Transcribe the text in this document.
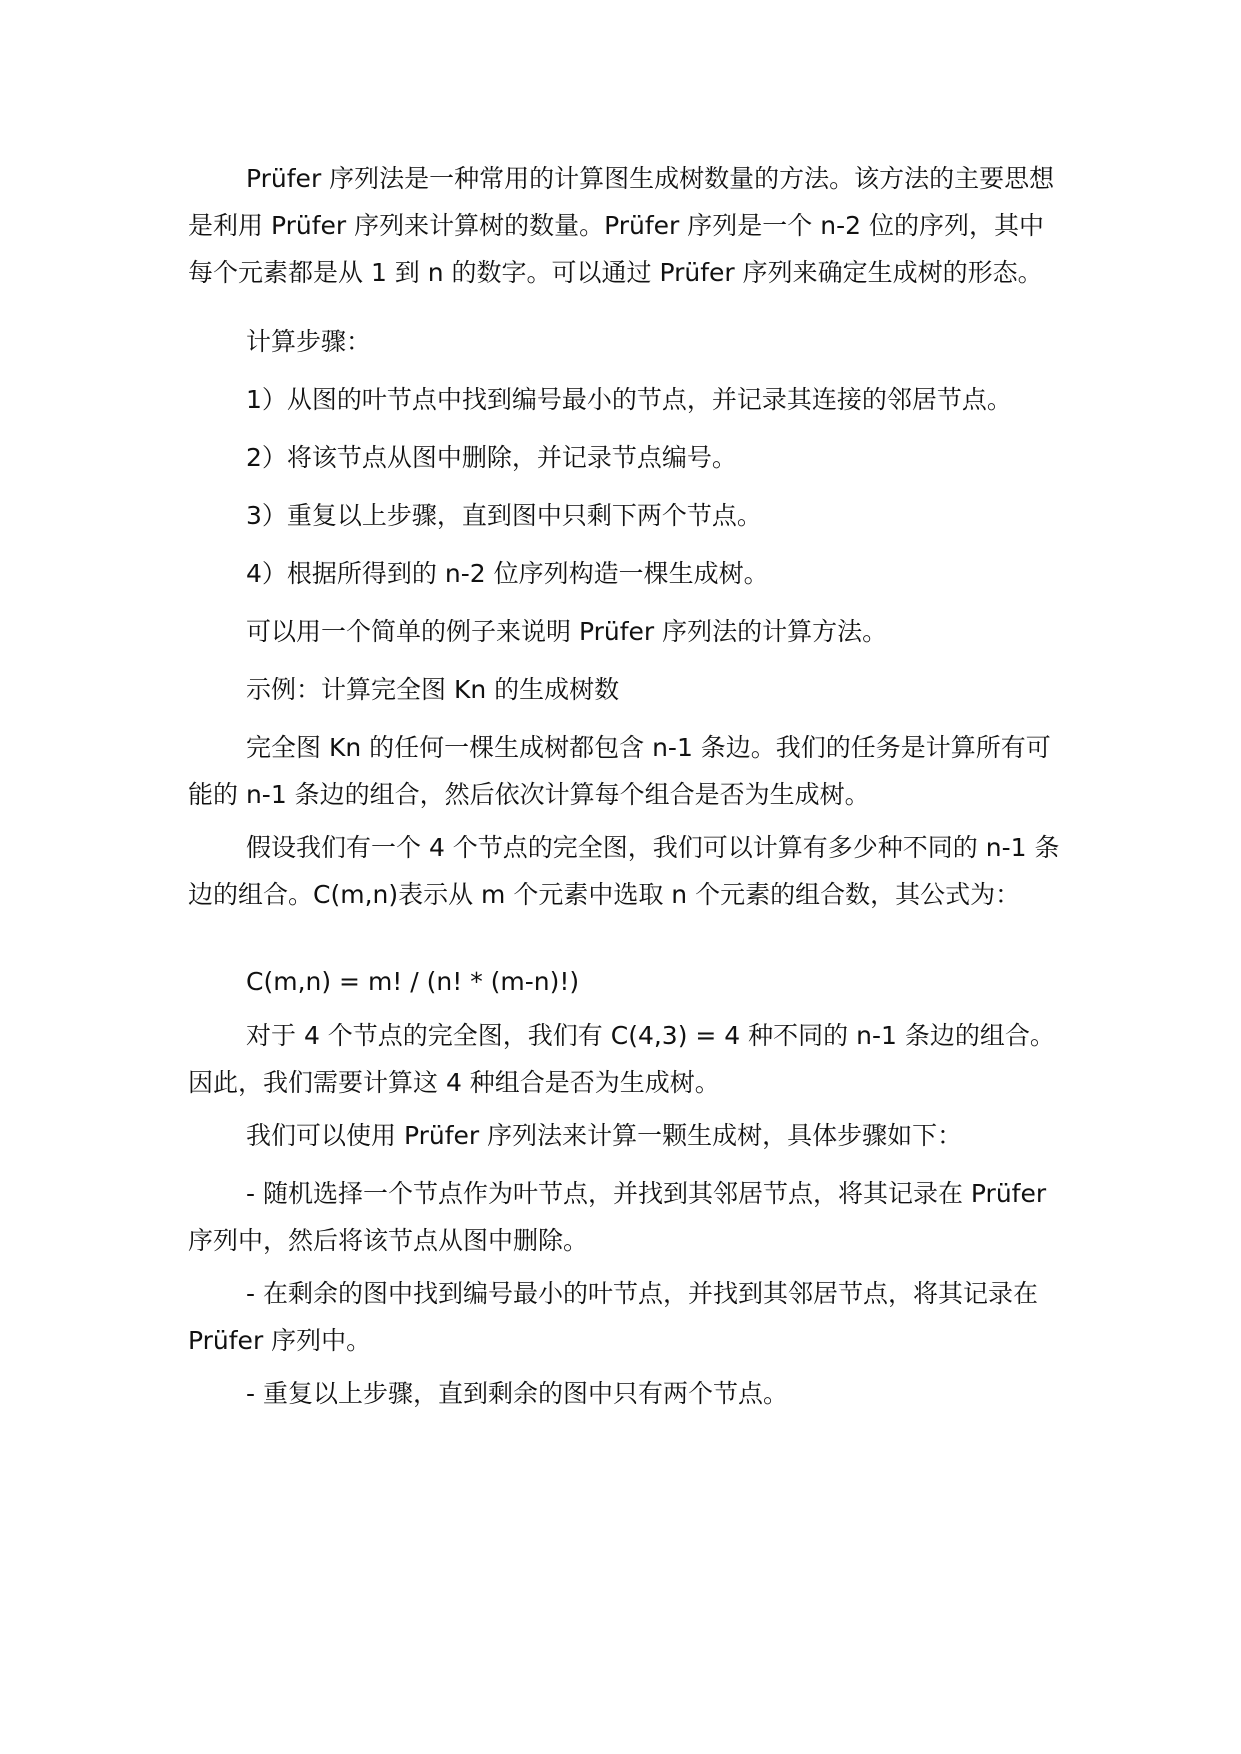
Prüfer 序列法是一种常用的计算图生成树数量的方法。该方法的主要思想是利用 Prüfer 序列来计算树的数量。Prüfer 序列是一个 n-2 位的序列，其中每个元素都是从 1 到 n 的数字。可以通过 Prüfer 序列来确定生成树的形态。

计算步骤：

1）从图的叶节点中找到编号最小的节点，并记录其连接的邻居节点。

2）将该节点从图中删除，并记录节点编号。

3）重复以上步骤，直到图中只剩下两个节点。

4）根据所得到的 n-2 位序列构造一棵生成树。

可以用一个简单的例子来说明 Prüfer 序列法的计算方法。

示例：计算完全图 Kn 的生成树数

完全图 Kn 的任何一棵生成树都包含 n-1 条边。我们的任务是计算所有可能的 n-1 条边的组合，然后依次计算每个组合是否为生成树。

假设我们有一个 4 个节点的完全图，我们可以计算有多少种不同的 n-1 条边的组合。C(m,n)表示从 m 个元素中选取 n 个元素的组合数，其公式为：

C(m,n) = m! / (n! * (m-n)!)

对于 4 个节点的完全图，我们有 C(4,3) = 4 种不同的 n-1 条边的组合。因此，我们需要计算这 4 种组合是否为生成树。

我们可以使用 Prüfer 序列法来计算一颗生成树，具体步骤如下：

- 随机选择一个节点作为叶节点，并找到其邻居节点，将其记录在 Prüfer 序列中，然后将该节点从图中删除。

- 在剩余的图中找到编号最小的叶节点，并找到其邻居节点，将其记录在 Prüfer 序列中。

- 重复以上步骤，直到剩余的图中只有两个节点。
